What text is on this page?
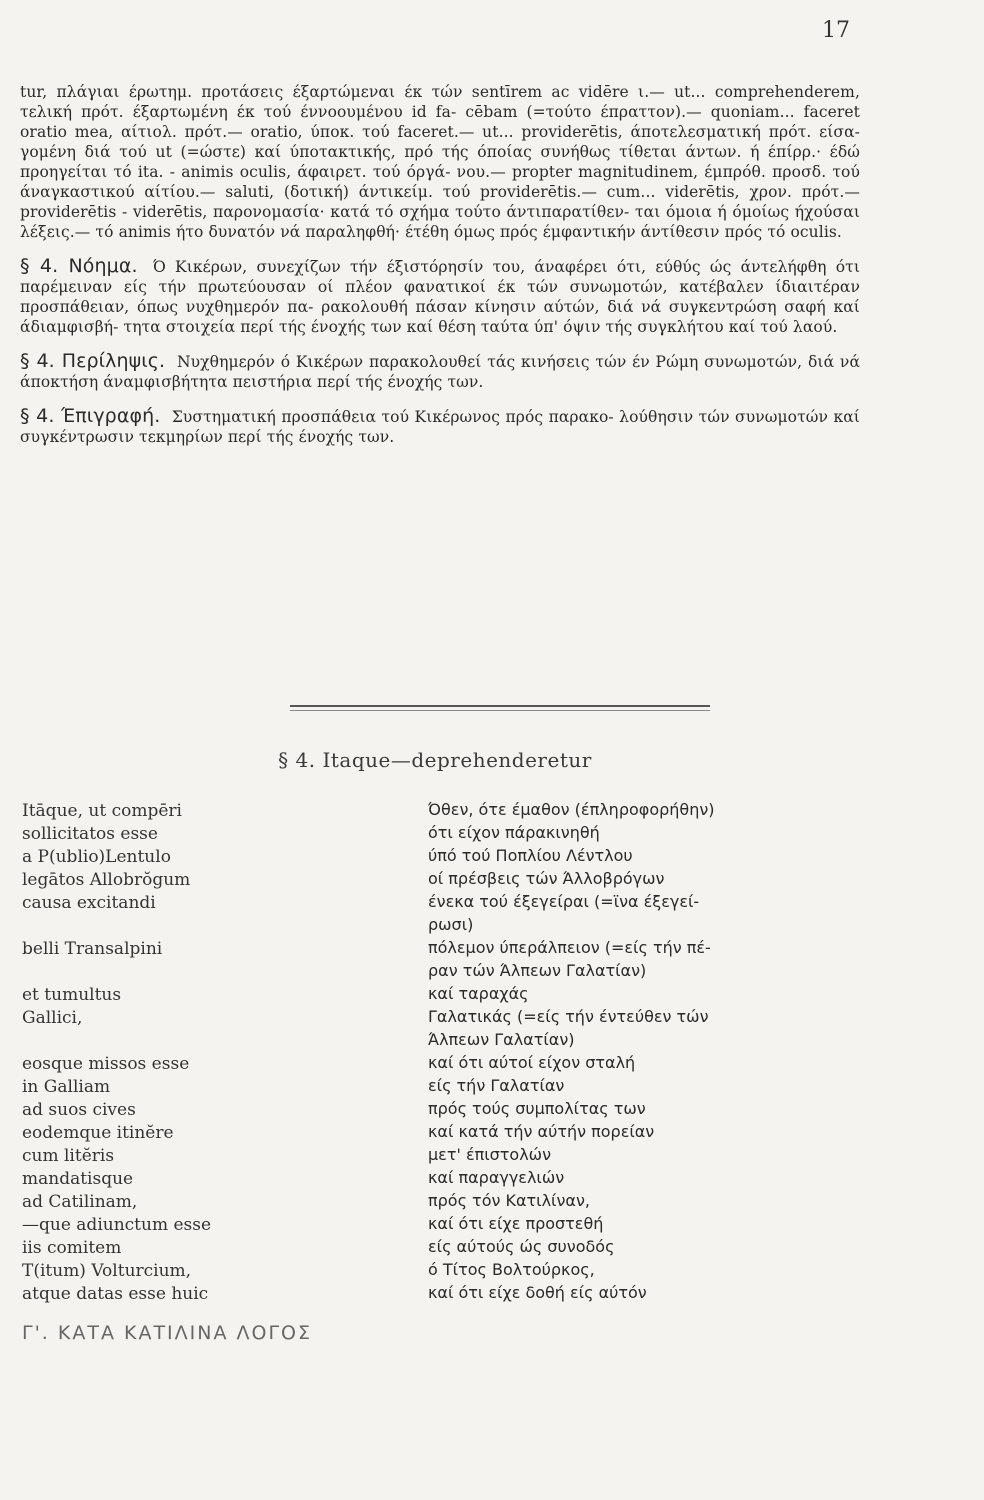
17

tur, πλάγιαι έρωτημ. προτάσεις έξαρτώμεναι έκ τών sentīrem ac vidēre ι.— ut... comprehenderem, τελική πρότ. έξαρτωμένη έκ τού έννοουμένου id fa- cēbam (=τούτο έπραττον).— quoniam... faceret oratio mea, αίτιολ. πρότ.— oratio, ύποκ. τού faceret.— ut... providerētis, άποτελεσματική πρότ. είσα- γομένη διά τού ut (=ώστε) καί ύποτακτικής, πρό τής όποίας συνήθως τίθεται άντων. ή έπίρρ.· έδώ προηγείται τό ita. - animis oculis, άφαιρετ. τού όργά- νου.— propter magnitudinem, έμπρόθ. προσδ. τού άναγκαστικού αίτίου.— saluti, (δοτική) άντικείμ. τού providerētis.— cum... viderētis, χρον. πρότ.— providerētis - viderētis, παρονομασία· κατά τό σχήμα τούτο άντιπαρατίθεν- ται όμοια ή όμοίως ήχούσαι λέξεις.— τό animis ήτο δυνατόν νά παραληφθή· έτέθη όμως πρός έμφαντικήν άντίθεσιν πρός τό oculis.

§ 4. Νόημα. Ό Κικέρων, συνεχίζων τήν έξιστόρησίν του, άναφέρει ότι, εύθύς ώς άντελήφθη ότι παρέμειναν είς τήν πρωτεύουσαν οί πλέον φανατικοί έκ τών συνωμοτών, κατέβαλεν ίδιαιτέραν προσπάθειαν, όπως νυχθημερόν πα- ρακολουθή πάσαν κίνησιν αύτών, διά νά συγκεντρώση σαφή καί άδιαμφισβή- τητα στοιχεία περί τής ένοχής των καί θέση ταύτα ύπ' όψιν τής συγκλήτου καί τού λαού.
§ 4. Περίληψις. Νυχθημερόν ό Κικέρων παρακολουθεί τάς κινήσεις τών έν Ρώμη συνωμοτών, διά νά άποκτήση άναμφισβήτητα πειστήρια περί τής ένοχής των.
§ 4. Έπιγραφή. Συστηματική προσπάθεια τού Κικέρωνος πρός παρακο- λούθησιν τών συνωμοτών καί συγκέντρωσιν τεκμηρίων περί τής ένοχής των.
§ 4. Itaque—deprehenderetur
Itāque, ut compēri
sollicitatos esse
a P(ublio)Lentulo
legātos Allobrŏgum
causa excitandi
belli Transalpini
et tumultus
Gallici,
eosque missos esse
in Galliam
ad suos cives
eodemque itinĕre
cum litĕris
mandatisque
ad Catilinam,
—que adiunctum esse
iis comitem
T(itum) Volturcium,
atque datas esse huic
Όθεν, ότε έμαθον (έπληροφορήθην)
ότι είχον πάρακινηθή
ύπό τού Ποπλίου Λέντλου
οί πρέσβεις τών Άλλοβρόγων
ένεκα τού έξεγείραι (=ϊνα έξεγεί-
ρωσι)
πόλεμον ύπεράλπειον (=είς τήν πέ-
ραν τών Άλπεων Γαλατίαν)
καί ταραχάς
Γαλατικάς (=είς τήν έντεύθεν τών
Άλπεων Γαλατίαν)
καί ότι αύτοί είχον σταλή
είς τήν Γαλατίαν
πρός τούς συμπολίτας των
καί κατά τήν αύτήν πορείαν
μετ' έπιστολών
καί παραγγελιών
πρός τόν Κατιλίναν,
καί ότι είχε προστεθή
είς αύτούς ώς συνοδός
ό Τίτος Βολτούρκος,
καί ότι είχε δοθή είς αύτόν
Γ'. ΚΑΤΑ ΚΑΤΙΛΙΝΑ ΛΟΓΟΣ
